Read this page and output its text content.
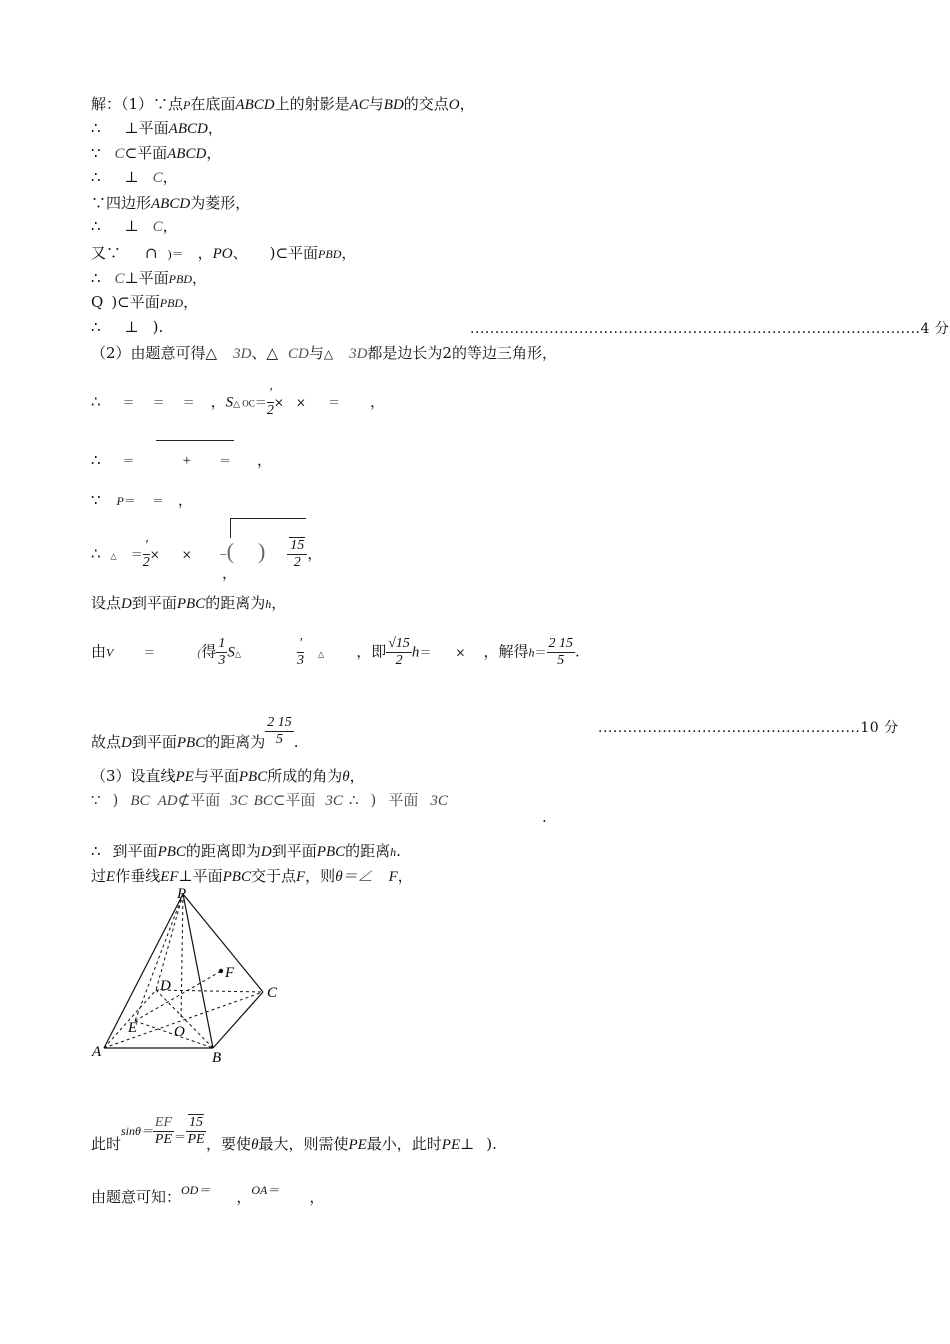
解：（1）∵点P在底面ABCD上的射影是AC与BD的交点O，
∴ ⊥平面ABCD，
∵ C⊂平面ABCD，
∴ ⊥ C，
∵四边形ABCD为菱形，
∴ ⊥ C，
又∵ ∩ )＝ ，PO、 )⊂平面PBD，
∴ C⊥平面PBD，
Q )⊂平面PBD，
∴ ⊥ ).	...........................................................................................4 分
（2）由题意可得△ 3D、△ CD与△ 3D都是边长为2的等边三角形，
∴ ＝ ＝ ＝ ，S△ $OC= \frac{'}{2}$ × × ＝ ，
∴ ＝	+ ＝ ，
∵ P＝ ＝ ，
∴ △ ＝ $\frac{'}{2}$ × × −( ) $\frac{15}{2}$ ，
，
设点D到平面PBC的距离为h，
由V	＝	(得 $\frac{1}{3}$ S△	$\frac{'}{3}$ △ ，即 $\frac{√15}{2} h=$ × ，解得$h= \frac{2 15}{5}$ .
故点D到平面PBC的距离为 $\frac{2 15}{5}$ .
.....................................................10 分
（3）设直线PE与平面PBC所成的角为θ，
∵ ) BC AD⊄平面 3C BC⊂平面 3C ∴ ) 平面 3C
.
∴ 到平面PBC的距离即为D到平面PBC的距离h.
过E作垂线EF⊥平面PBC交于点F，则θ＝∠ F，
P
A	B
C
D
E O
F
此时$^{sin\theta=} \frac{EF}{PE} ^= \frac{15}{PE}$ ，要使θ最大，则需使PE最小，此时PE⊥ ).
由题意可知：$^{OD=}$ ，$^{OA=}$ ，
